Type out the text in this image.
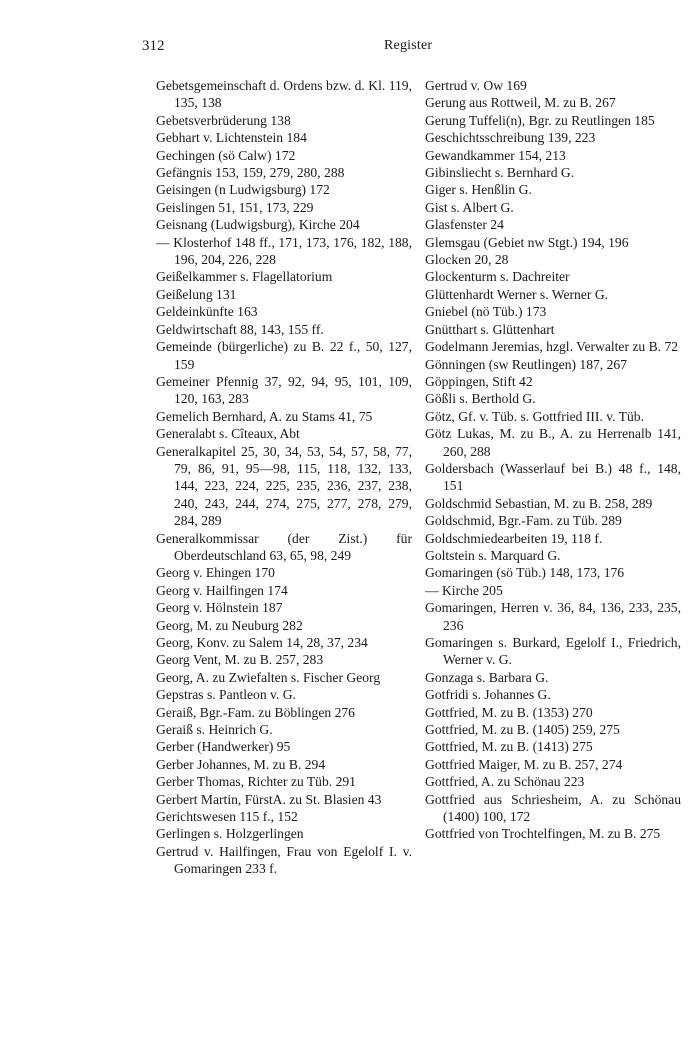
312	Register

Gebetsgemeinschaft d. Ordens bzw. d. Kl. 119, 135, 138

Gebetsverbrüderung 138

Gebhart v. Lichtenstein 184

Gechingen (sö Calw) 172

Gefängnis 153, 159, 279, 280, 288

Geisingen (n Ludwigsburg) 172

Geislingen 51, 151, 173, 229

Geisnang (Ludwigsburg), Kirche 204

— Klosterhof 148 ff., 171, 173, 176, 182, 188, 196, 204, 226, 228

Geißelkammer s. Flagellatorium

Geißelung 131

Geldeinkünfte 163

Geldwirtschaft 88, 143, 155 ff.

Gemeinde (bürgerliche) zu B. 22 f., 50, 127, 159

Gemeiner Pfennig 37, 92, 94, 95, 101, 109, 120, 163, 283

Gemelich Bernhard, A. zu Stams 41, 75

Generalabt s. Cîteaux, Abt

Generalkapitel 25, 30, 34, 53, 54, 57, 58, 77, 79, 86, 91, 95—98, 115, 118, 132, 133, 144, 223, 224, 225, 235, 236, 237, 238, 240, 243, 244, 274, 275, 277, 278, 279, 284, 289

Generalkommissar (der Zist.) für Oberdeutschland 63, 65, 98, 249

Georg v. Ehingen 170

Georg v. Hailfingen 174

Georg v. Hölnstein 187

Georg, M. zu Neuburg 282

Georg, Konv. zu Salem 14, 28, 37, 234

Georg Vent, M. zu B. 257, 283

Georg, A. zu Zwiefalten s. Fischer Georg

Gepstras s. Pantleon v. G.

Geraiß, Bgr.-Fam. zu Böblingen 276

Geraiß s. Heinrich G.

Gerber (Handwerker) 95

Gerber Johannes, M. zu B. 294

Gerber Thomas, Richter zu Tüb. 291

Gerbert Martin, FürstA. zu St. Blasien 43

Gerichtswesen 115 f., 152

Gerlingen s. Holzgerlingen

Gertrud v. Hailfingen, Frau von Egelolf I. v. Gomaringen 233 f.

Gertrud v. Ow 169

Gerung aus Rottweil, M. zu B. 267

Gerung Tuffeli(n), Bgr. zu Reutlingen 185

Geschichtsschreibung 139, 223

Gewandkammer 154, 213

Gibinsliecht s. Bernhard G.

Giger s. Henßlin G.

Gist s. Albert G.

Glasfenster 24

Glemsgau (Gebiet nw Stgt.) 194, 196

Glocken 20, 28

Glockenturm s. Dachreiter

Glüttenhardt Werner s. Werner G.

Gniebel (nö Tüb.) 173

Gnütthart s. Glüttenhart

Godelmann Jeremias, hzgl. Verwalter zu B. 72

Gönningen (sw Reutlingen) 187, 267

Göppingen, Stift 42

Gößli s. Berthold G.

Götz, Gf. v. Tüb. s. Gottfried III. v. Tüb.

Götz Lukas, M. zu B., A. zu Herrenalb 141, 260, 288

Goldersbach (Wasserlauf bei B.) 48 f., 148, 151

Goldschmid Sebastian, M. zu B. 258, 289

Goldschmid, Bgr.-Fam. zu Tüb. 289

Goldschmiedearbeiten 19, 118 f.

Goltstein s. Marquard G.

Gomaringen (sö Tüb.) 148, 173, 176

— Kirche 205

Gomaringen, Herren v. 36, 84, 136, 233, 235, 236

Gomaringen s. Burkard, Egelolf I., Friedrich, Werner v. G.

Gonzaga s. Barbara G.

Gotfridi s. Johannes G.

Gottfried, M. zu B. (1353) 270

Gottfried, M. zu B. (1405) 259, 275

Gottfried, M. zu B. (1413) 275

Gottfried Maiger, M. zu B. 257, 274

Gottfried, A. zu Schönau 223

Gottfried aus Schriesheim, A. zu Schönau (1400) 100, 172

Gottfried von Trochtelfingen, M. zu B. 275
